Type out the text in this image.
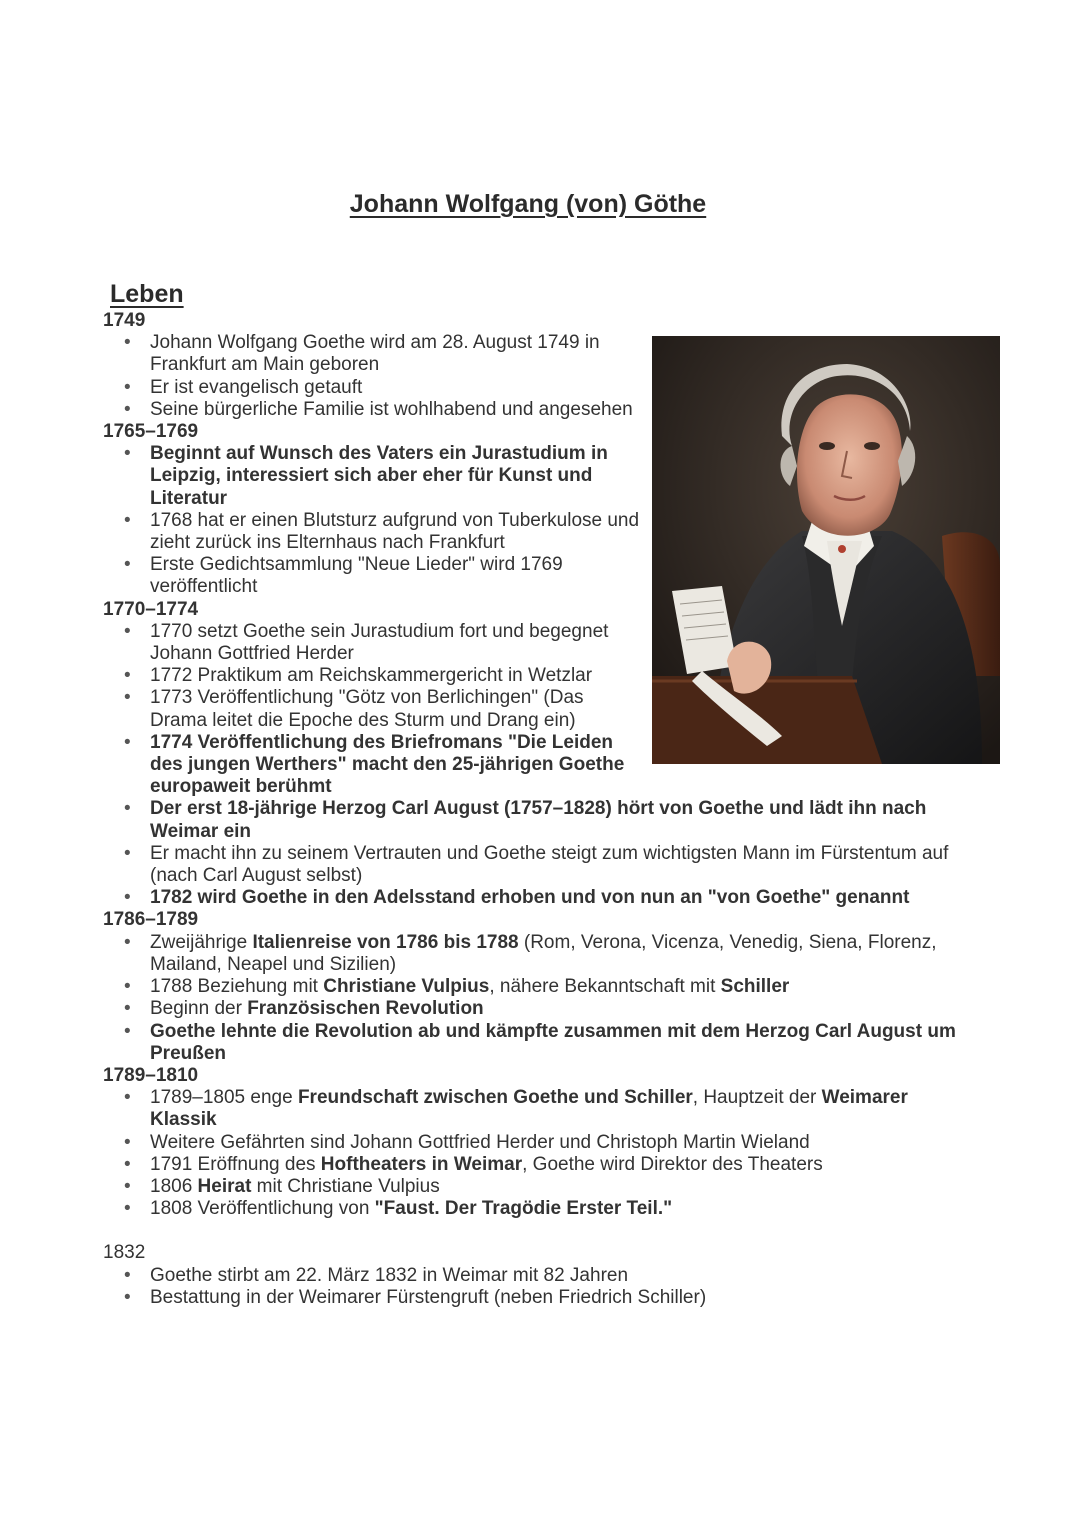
Johann Wolfgang (von) Göthe
Leben

1749

• Johann Wolfgang Goethe wird am 28. August 1749 in Frankfurt am Main geboren
• Er ist evangelisch getauft
• Seine bürgerliche Familie ist wohlhabend und angesehen

1765–1769

• Beginnt auf Wunsch des Vaters ein Jurastudium in Leipzig, interessiert sich aber eher für Kunst und Literatur
• 1768 hat er einen Blutsturz aufgrund von Tuberkulose und zieht zurück ins Elternhaus nach Frankfurt
• Erste Gedichtsammlung "Neue Lieder" wird 1769 veröffentlicht

1770–1774

• 1770 setzt Goethe sein Jurastudium fort und begegnet Johann Gottfried Herder
• 1772 Praktikum am Reichskammergericht in Wetzlar
• 1773 Veröffentlichung "Götz von Berlichingen" (Das Drama leitet die Epoche des Sturm und Drang ein)
• 1774 Veröffentlichung des Briefromans "Die Leiden des jungen Werthers" macht den 25-jährigen Goethe europaweit berühmt
• Der erst 18-jährige Herzog Carl August (1757–1828) hört von Goethe und lädt ihn nach Weimar ein
• Er macht ihn zu seinem Vertrauten und Goethe steigt zum wichtigsten Mann im Fürstentum auf (nach Carl August selbst)
• 1782 wird Goethe in den Adelsstand erhoben und von nun an "von Goethe" genannt

1786–1789

• Zweijährige Italienreise von 1786 bis 1788 (Rom, Verona, Vicenza, Venedig, Siena, Florenz, Mailand, Neapel und Sizilien)
• 1788 Beziehung mit Christiane Vulpius, nähere Bekanntschaft mit Schiller
• Beginn der Französischen Revolution
• Goethe lehnte die Revolution ab und kämpfte zusammen mit dem Herzog Carl August um Preußen

1789–1810

• 1789–1805 enge Freundschaft zwischen Goethe und Schiller, Hauptzeit der Weimarer Klassik
• Weitere Gefährten sind Johann Gottfried Herder und Christoph Martin Wieland
• 1791 Eröffnung des Hoftheaters in Weimar, Goethe wird Direktor des Theaters
• 1806 Heirat mit Christiane Vulpius
• 1808 Veröffentlichung von "Faust. Der Tragödie Erster Teil."

1832

• Goethe stirbt am 22. März 1832 in Weimar mit 82 Jahren
• Bestattung in der Weimarer Fürstengruft (neben Friedrich Schiller)
